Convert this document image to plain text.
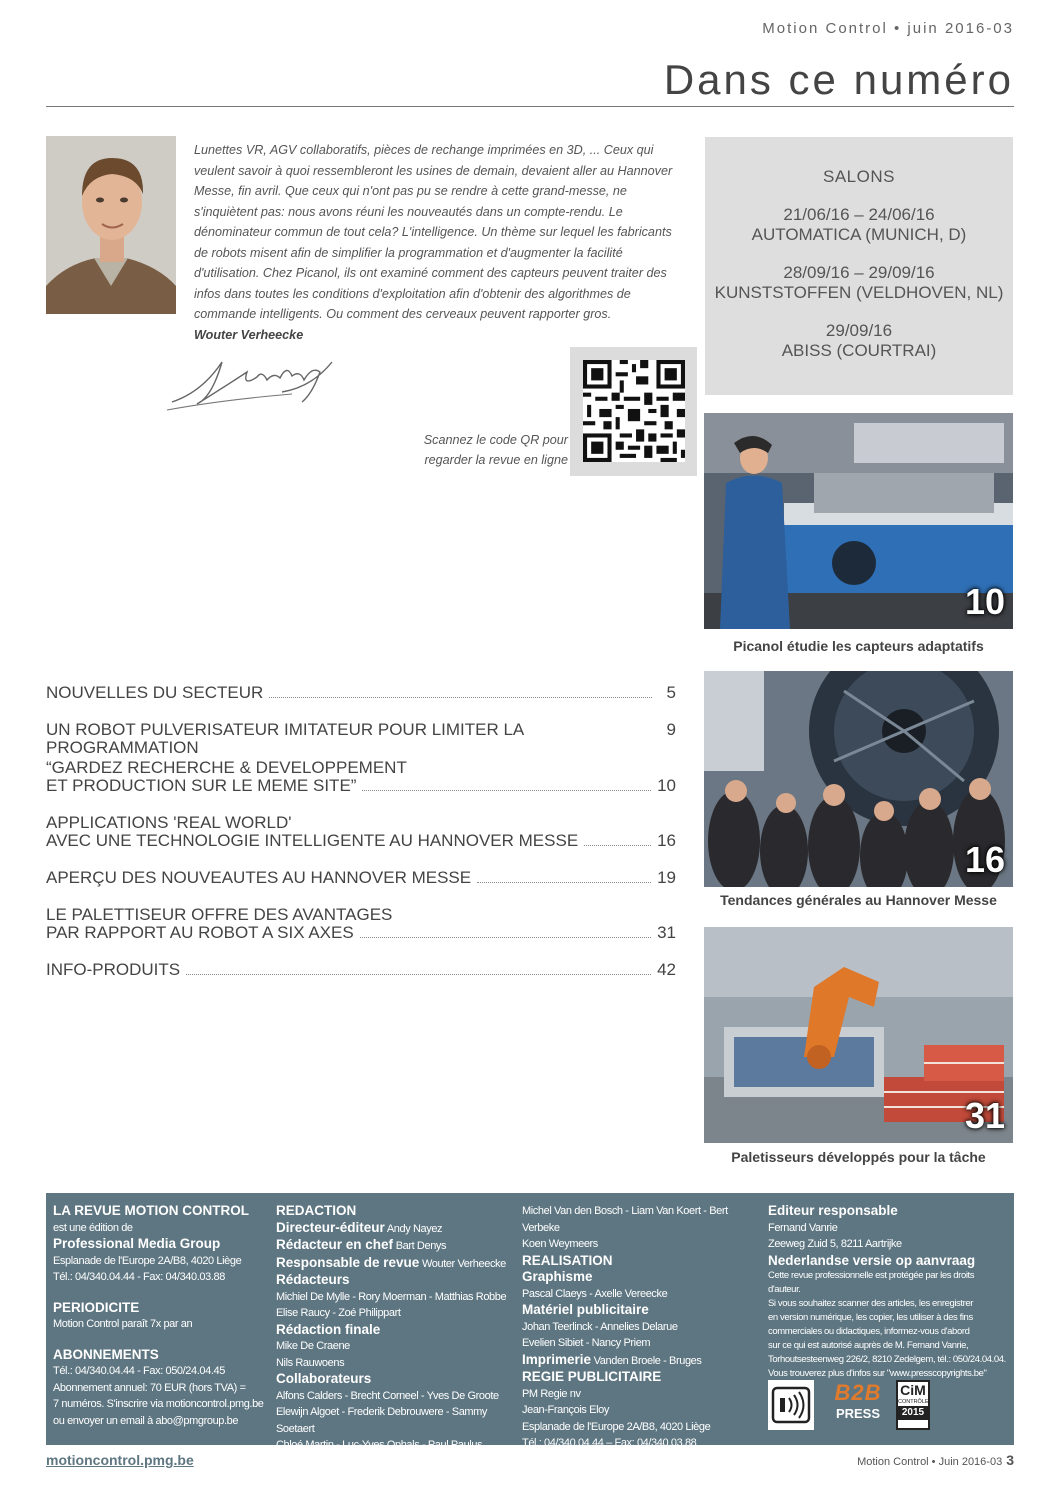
Motion Control • juin 2016-03
Dans ce numéro
Lunettes VR, AGV collaboratifs, pièces de rechange imprimées en 3D, ... Ceux qui veulent savoir à quoi ressembleront les usines de demain, devaient aller au Hannover Messe, fin avril. Que ceux qui n'ont pas pu se rendre à cette grand-messe, ne s'inquiètent pas: nous avons réuni les nouveautés dans un compte-rendu. Le dénominateur commun de tout cela? L'intelligence. Un thème sur lequel les fabricants de robots misent afin de simplifier la programmation et d'augmenter la facilité d'utilisation. Chez Picanol, ils ont examiné comment des capteurs peuvent traiter des infos dans toutes les conditions d'exploitation afin d'obtenir des algorithmes de commande intelligents. Ou comment des cerveaux peuvent rapporter gros.
Wouter Verheecke
Scannez le code QR pour
regarder la revue en ligne
SALONS
21/06/16 – 24/06/16
AUTOMATICA (MUNICH, D)
28/09/16 – 29/09/16
KUNSTSTOFFEN (VELDHOVEN, NL)
29/09/16
ABISS (COURTRAI)
10
Picanol étudie les capteurs adaptatifs
16
Tendances générales au Hannover Messe
31
Paletisseurs développés pour la tâche
NOUVELLES DU SECTEUR	5
UN ROBOT PULVERISATEUR IMITATEUR POUR LIMITER LA PROGRAMMATION
9
“GARDEZ RECHERCHE & DEVELOPPEMENT
ET PRODUCTION SUR LE MEME SITE”	10
APPLICATIONS 'REAL WORLD'
AVEC UNE TECHNOLOGIE INTELLIGENTE AU HANNOVER MESSE	16
APERÇU DES NOUVEAUTES AU HANNOVER MESSE	19
LE PALETTISEUR OFFRE DES AVANTAGES
PAR RAPPORT AU ROBOT A SIX AXES	31
INFO-PRODUITS	42
LA REVUE MOTION CONTROL
est une édition de
Professional Media Group
Esplanade de l'Europe 2A/B8, 4020 Liège
Tél.: 04/340.04.44 - Fax: 04/340.03.88
PERIODICITE
Motion Control paraît 7x par an
ABONNEMENTS
Tél.: 04/340.04.44 - Fax: 050/24.04.45
Abonnement annuel: 70 EUR (hors TVA) =
7 numéros. S'inscrire via motioncontrol.pmg.be
ou envoyer un email à abo@pmgroup.be
REDACTION
Directeur-éditeur Andy Nayez
Rédacteur en chef Bart Denys
Responsable de revue Wouter Verheecke
Rédacteurs
Michiel De Mylle - Rory Moerman - Matthias Robbe
Elise Raucy - Zoé Philippart
Rédaction finale
Mike De Craene
Nils Rauwoens
Collaborateurs
Alfons Calders - Brecht Corneel - Yves De Groote
Elewijn Algoet - Frederik Debrouwere - Sammy Soetaert
Chloé Martin - Luc-Yves Ophals - Paul Paulus
Michel Van den Bosch - Liam Van Koert - Bert Verbeke
Koen Weymeers
REALISATION
Graphisme
Pascal Claeys - Axelle Vereecke
Matériel publicitaire
Johan Teerlinck - Annelies Delarue
Evelien Sibiet - Nancy Priem
Imprimerie Vanden Broele - Bruges
REGIE PUBLICITAIRE
PM Regie nv
Jean-François Eloy
Esplanade de l'Europe 2A/B8, 4020 Liège
Tél.: 04/340.04.44 – Fax: 04/340.03.88
Editeur responsable
Fernand Vanrie
Zeeweg Zuid 5, 8211 Aartrijke
Nederlandse versie op aanvraag
Cette revue professionnelle est protégée par les droits d'auteur.
Si vous souhaitez scanner des articles, les enregistrer
en version numérique, les copier, les utiliser à des fins
commerciales ou didactiques, informez-vous d'abord
sur ce qui est autorisé auprès de M. Fernand Vanrie,
Torhoutsesteenweg 226/2, 8210 Zedelgem, tél.: 050/24.04.04.
Vous trouverez plus d'infos sur "www.presscopyrights.be"
B2B
PRESS
CiM
CONTRÔLE
2015
motioncontrol.pmg.be	Motion Control • Juin 2016-03 3
